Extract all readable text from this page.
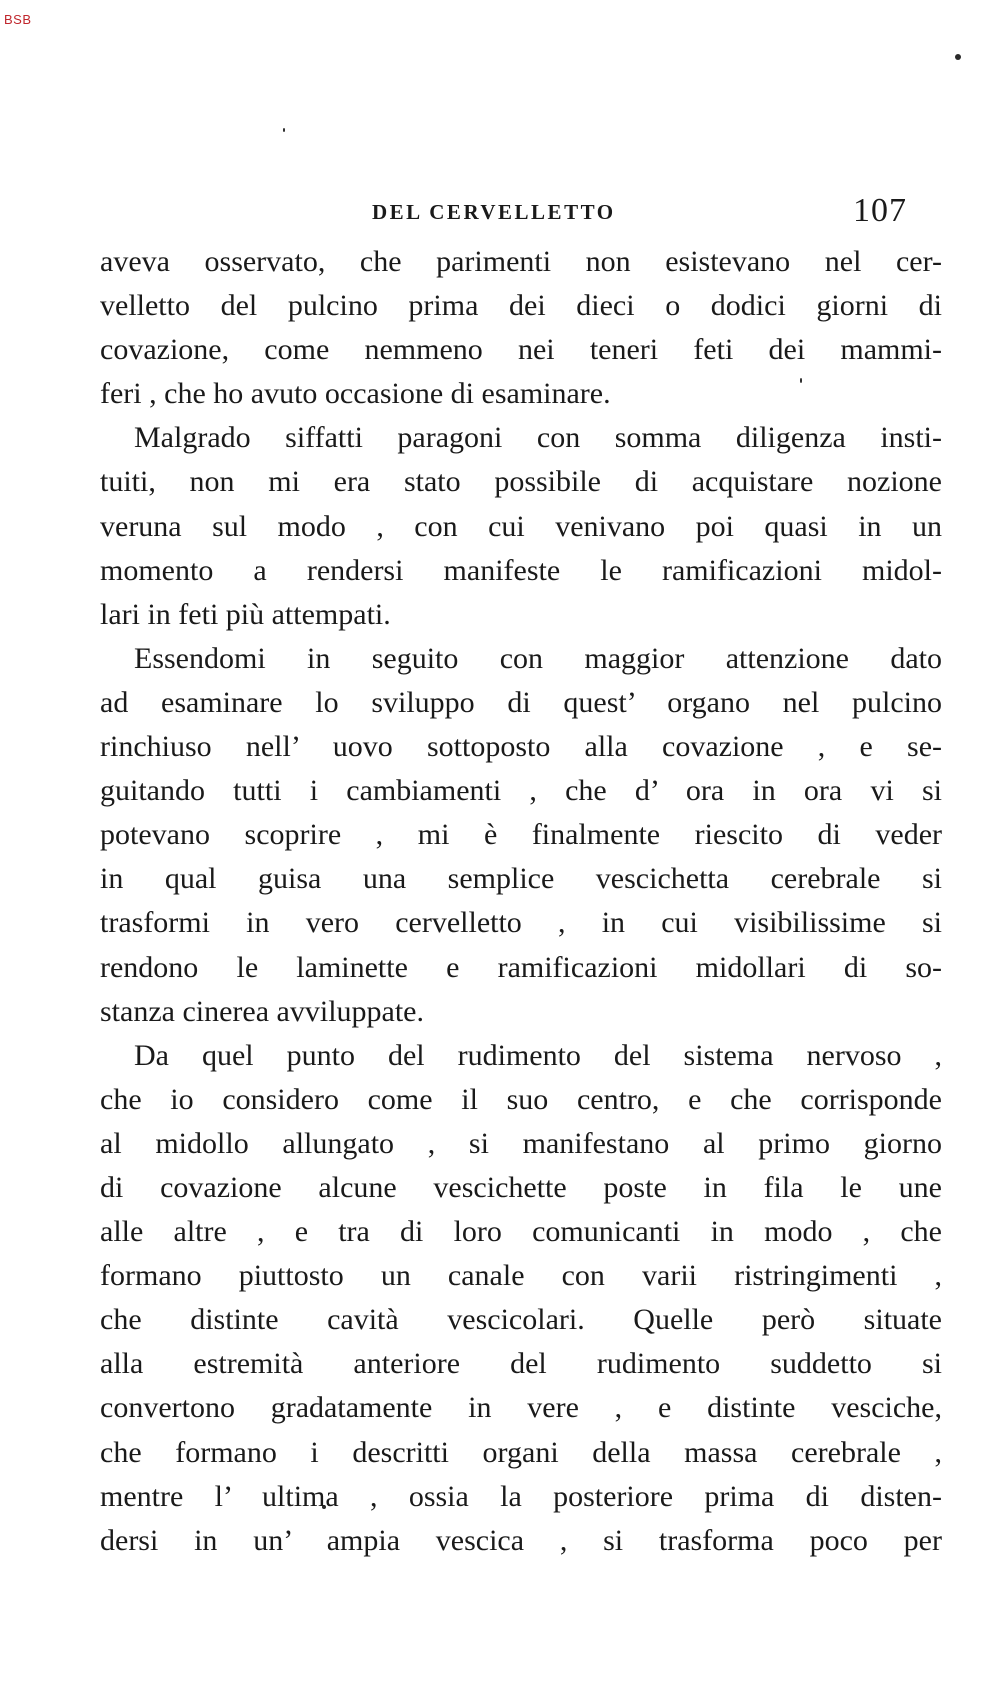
BSB
DEL CERVELLETTO	107
aveva osservato, che parimenti non esistevano nel cer-
velletto del pulcino prima dei dieci o dodici giorni di
covazione, come nemmeno nei teneri feti dei mammi-
feri , che ho avuto occasione di esaminare.
Malgrado siffatti paragoni con somma diligenza insti-
tuiti, non mi era stato possibile di acquistare nozione
veruna sul modo , con cui venivano poi quasi in un
momento a rendersi manifeste le ramificazioni midol-
lari in feti più attempati.
Essendomi in seguito con maggior attenzione dato
ad esaminare lo sviluppo di quest’ organo nel pulcino
rinchiuso nell’ uovo sottoposto alla covazione , e se-
guitando tutti i cambiamenti , che d’ ora in ora vi si
potevano scoprire , mi è finalmente riescito di veder
in qual guisa una semplice vescichetta cerebrale si
trasformi in vero cervelletto , in cui visibilissime si
rendono le laminette e ramificazioni midollari di so-
stanza cinerea avviluppate.
Da quel punto del rudimento del sistema nervoso ,
che io considero come il suo centro, e che corrisponde
al midollo allungato , si manifestano al primo giorno
di covazione alcune vescichette poste in fila le une
alle altre , e tra di loro comunicanti in modo , che
formano piuttosto un canale con varii ristringimenti ,
che distinte cavità vescicolari. Quelle però situate
alla estremità anteriore del rudimento suddetto si
convertono gradatamente in vere , e distinte vesciche,
che formano i descritti organi della massa cerebrale ,
mentre l’ ultima , ossia la posteriore prima di disten-
dersi in un’ ampia vescica , si trasforma poco per
